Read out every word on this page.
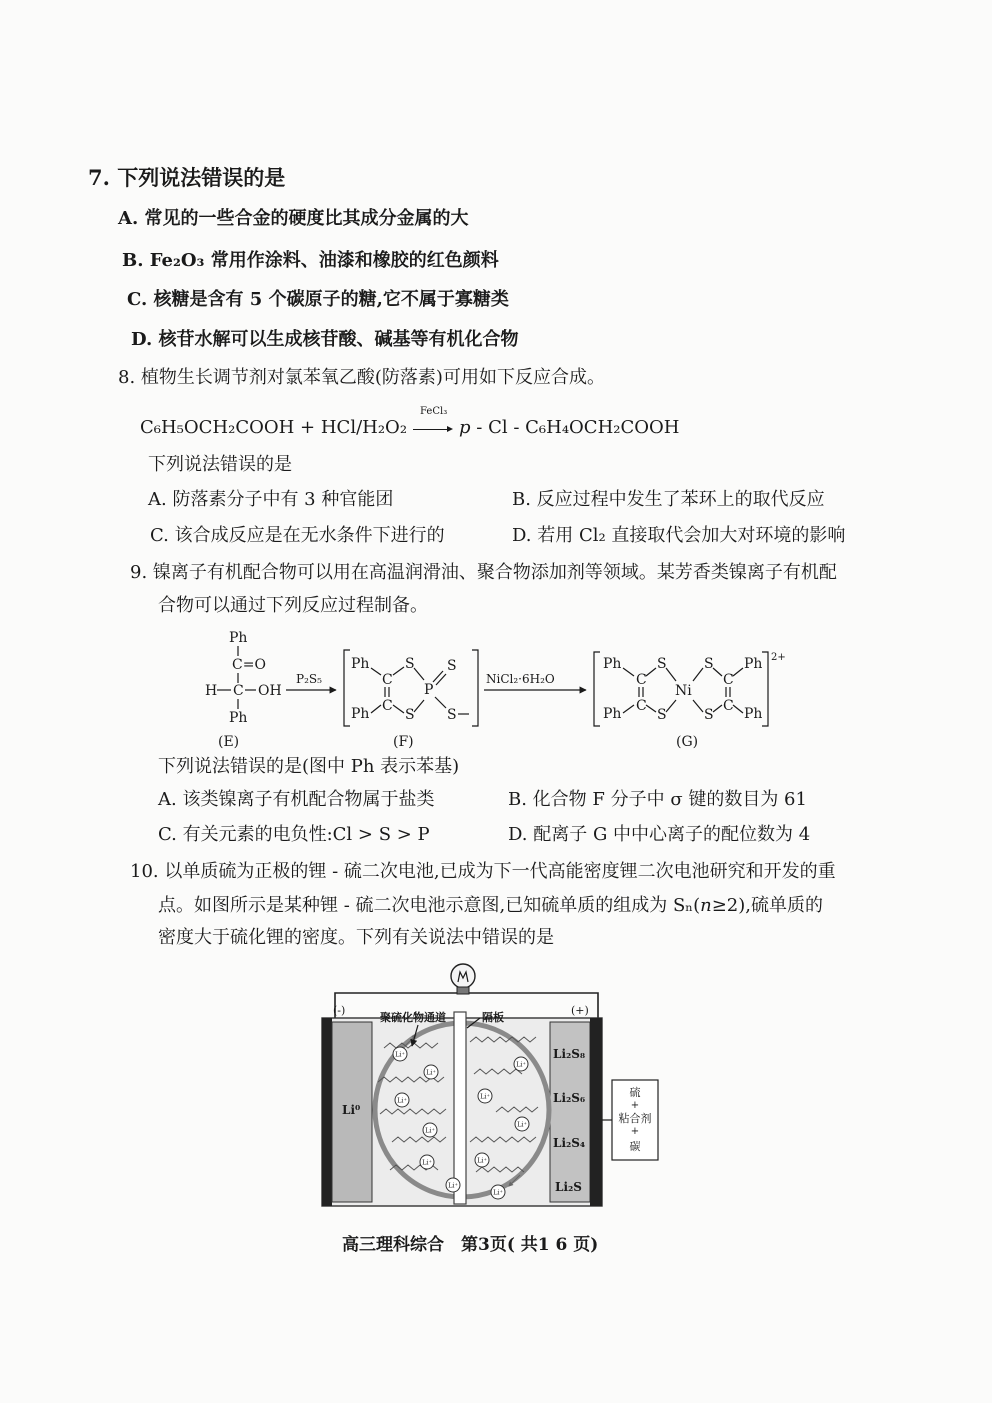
7. 下列说法错误的是
A. 常见的一些合金的硬度比其成分金属的大
B. Fe₂O₃ 常用作涂料、油漆和橡胶的红色颜料
C. 核糖是含有 5 个碳原子的糖,它不属于寡糖类
D. 核苷水解可以生成核苷酸、碱基等有机化合物
8. 植物生长调节剂对氯苯氧乙酸(防落素)可用如下反应合成。
C₆H₅OCH₂COOH + HCl/H₂O₂
FeCl₃
p - Cl - C₆H₄OCH₂COOH
下列说法错误的是
A. 防落素分子中有 3 种官能团	B. 反应过程中发生了苯环上的取代反应
C. 该合成反应是在无水条件下进行的	D. 若用 Cl₂ 直接取代会加大对环境的影响
9. 镍离子有机配合物可以用在高温润滑油、聚合物添加剂等领域。某芳香类镍离子有机配
合物可以通过下列反应过程制备。
下列说法错误的是(图中 Ph 表示苯基)
A. 该类镍离子有机配合物属于盐类	B. 化合物 F 分子中 σ 键的数目为 61
C. 有关元素的电负性:Cl > S > P	D. 配离子 G 中中心离子的配位数为 4
10. 以单质硫为正极的锂 - 硫二次电池,已成为下一代高能密度锂二次电池研究和开发的重
点。如图所示是某种锂 - 硫二次电池示意图,已知硫单质的组成为 Sₙ(n≥2),硫单质的
密度大于硫化锂的密度。下列有关说法中错误的是
高三理科综合　第3页( 共1 6 页)
Ph
C=O
H C OH
Ph
(E)
P₂S₅
Ph
C
C
Ph
S
P
S
S
S
(F)
NiCl₂·6H₂O
Ph
C
C
Ph
S
S
Ni
S
S
C
C
Ph
Ph
2+
(G)
Li⁺
Li⁺
Li⁺	Li⁺
Li⁺
Li⁺
Li⁺
Li⁺
Li⁺
Li⁺
Li⁺
(-)	(+)
聚硫化物通道	隔板
Li⁰
Li₂S₈
Li₂S₆
Li₂S₄
Li₂S
硫
+
粘合剂
+
碳
